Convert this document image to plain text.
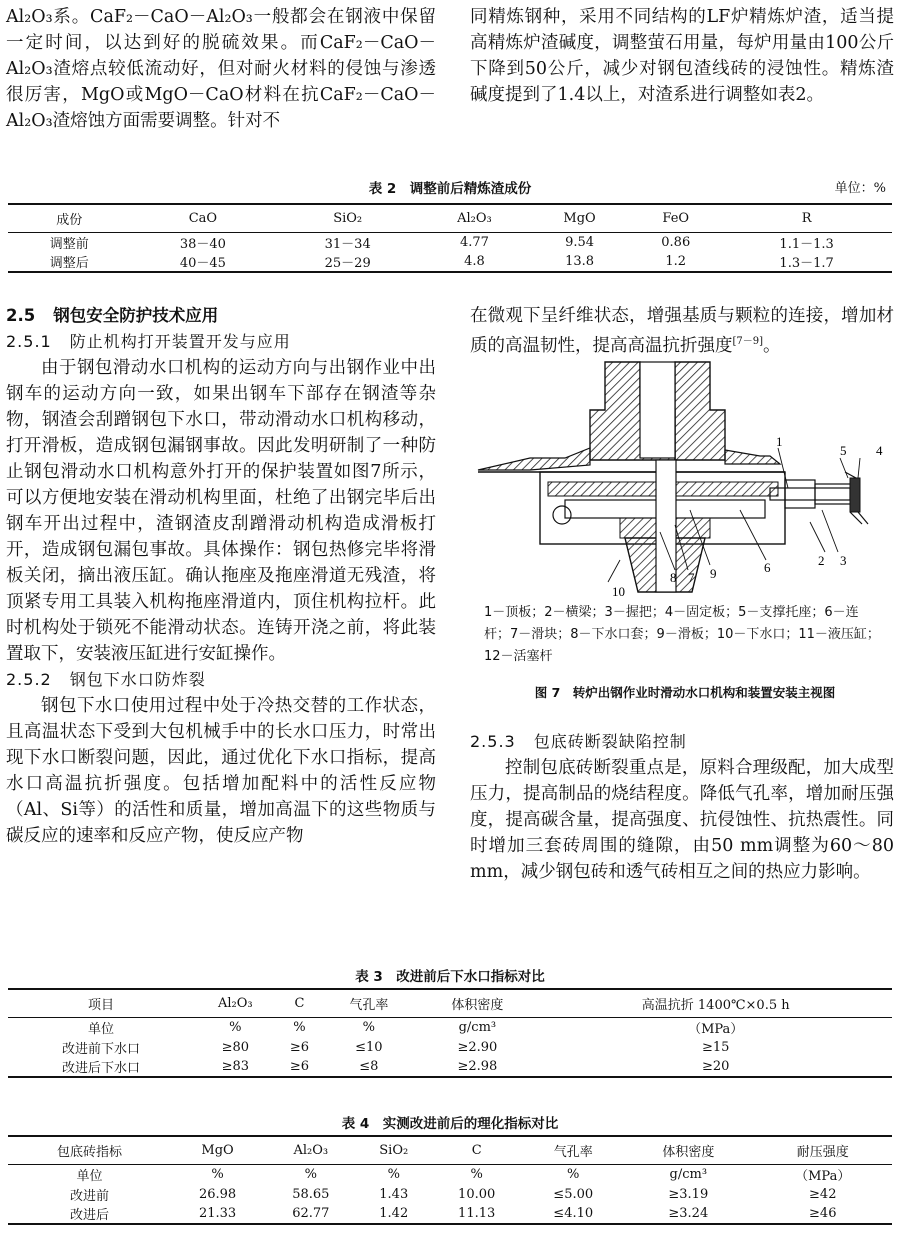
Al₂O₃系。CaF₂－CaO－Al₂O₃一般都会在钢液中保留一定时间，以达到好的脱硫效果。而CaF₂－CaO－Al₂O₃渣熔点较低流动好，但对耐火材料的侵蚀与渗透很厉害，MgO或MgO－CaO材料在抗CaF₂－CaO－Al₂O₃渣熔蚀方面需要调整。针对不

同精炼钢种，采用不同结构的LF炉精炼炉渣，适当提高精炼炉渣碱度，调整萤石用量，每炉用量由100公斤下降到50公斤，减少对钢包渣线砖的浸蚀性。精炼渣碱度提到了1.4以上，对渣系进行调整如表2。

表 2　调整前后精炼渣成份	单位：%
成份	CaO	SiO₂	Al₂O₃	MgO	FeO	R
调整前	38－40	31－34	4.77	9.54	0.86	1.1－1.3
调整后	40－45	25－29	4.8	13.8	1.2	1.3－1.7
2.5 钢包安全防护技术应用
2.5.1 防止机构打开装置开发与应用

由于钢包滑动水口机构的运动方向与出钢作业中出钢车的运动方向一致，如果出钢车下部存在钢渣等杂物，钢渣会刮蹭钢包下水口，带动滑动水口机构移动，打开滑板，造成钢包漏钢事故。因此发明研制了一种防止钢包滑动水口机构意外打开的保护装置如图7所示，可以方便地安装在滑动机构里面，杜绝了出钢完毕后出钢车开出过程中，渣钢渣皮刮蹭滑动机构造成滑板打开，造成钢包漏包事故。具体操作：钢包热修完毕将滑板关闭，摘出液压缸。确认拖座及拖座滑道无残渣，将顶紧专用工具装入机构拖座滑道内，顶住机构拉杆。此时机构处于锁死不能滑动状态。连铸开浇之前，将此装置取下，安装液压缸进行安缸操作。

2.5.2 钢包下水口防炸裂

钢包下水口使用过程中处于冷热交替的工作状态，且高温状态下受到大包机械手中的长水口压力，时常出现下水口断裂问题，因此，通过优化下水口指标，提高水口高温抗折强度。包括增加配料中的活性反应物（Al、Si等）的活性和质量，增加高温下的这些物质与碳反应的速率和反应产物，使反应产物

在微观下呈纤维状态，增强基质与颗粒的连接，增加材质的高温韧性，提高高温抗折强度[7－9]。

1
2 3
4
5
6
7
8	9
10
1－顶板；2－横梁；3－握把；4－固定板；5－支撑托座；6－连杆；7－滑块；8－下水口套；9－滑板；10－下水口；11－液压缸；12－活塞杆
图 7　转炉出钢作业时滑动水口机构和装置安装主视图
2.5.3 包底砖断裂缺陷控制

控制包底砖断裂重点是，原料合理级配，加大成型压力，提高制品的烧结程度。降低气孔率，增加耐压强度，提高碳含量，提高强度、抗侵蚀性、抗热震性。同时增加三套砖周围的缝隙，由50 mm调整为60～80 mm，减少钢包砖和透气砖相互之间的热应力影响。

表 3　改进前后下水口指标对比
项目	Al₂O₃	C	气孔率	体积密度	高温抗折 1400℃×0.5 h
单位	%	%	%	g/cm³	（MPa）
改进前下水口	≥80	≥6	≤10	≥2.90	≥15
改进后下水口	≥83	≥6	≤8	≥2.98	≥20
表 4　实测改进前后的理化指标对比
包底砖指标	MgO	Al₂O₃	SiO₂	C	气孔率	体积密度	耐压强度
单位	%	%	%	%	%	g/cm³	（MPa）
改进前	26.98	58.65	1.43	10.00	≤5.00	≥3.19	≥42
改进后	21.33	62.77	1.42	11.13	≤4.10	≥3.24	≥46
